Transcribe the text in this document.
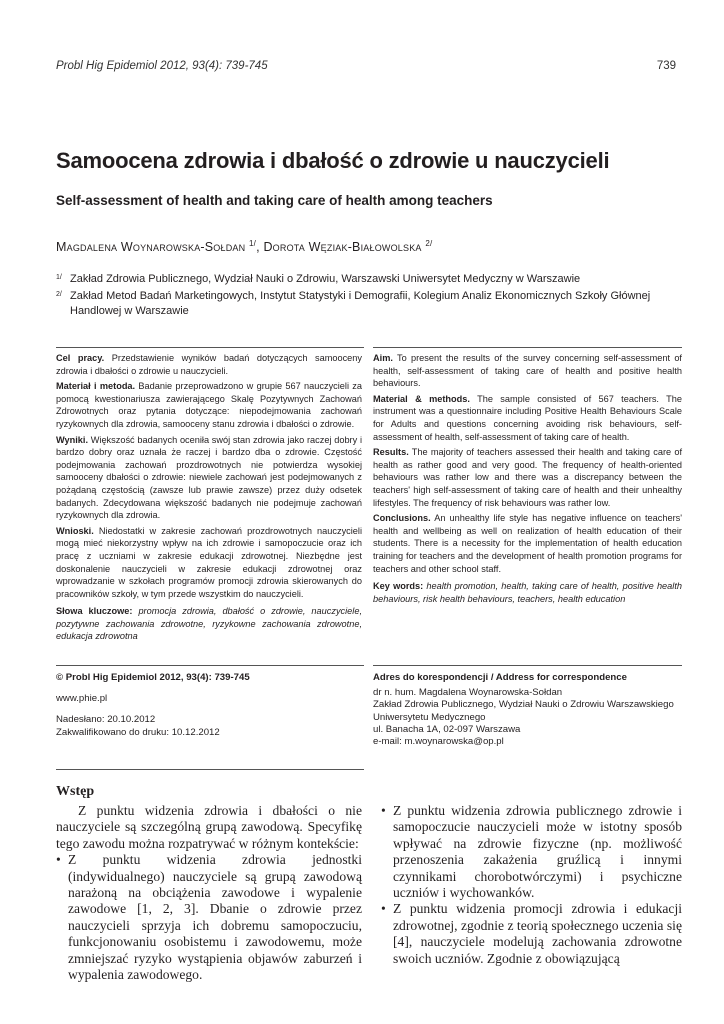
Probl Hig Epidemiol 2012, 93(4): 739-745	739
Samoocena zdrowia i dbałość o zdrowie u nauczycieli
Self-assessment of health and taking care of health among teachers
Magdalena Woynarowska-Sołdan $^{1/}$, Dorota Węziak-Białowolska $^{2/}$
1/ Zakład Zdrowia Publicznego, Wydział Nauki o Zdrowiu, Warszawski Uniwersytet Medyczny w Warszawie
2/ Zakład Metod Badań Marketingowych, Instytut Statystyki i Demografii, Kolegium Analiz Ekonomicznych Szkoły Głównej Handlowej w Warszawie

Cel pracy. Przedstawienie wyników badań dotyczących samooceny zdrowia i dbałości o zdrowie u nauczycieli.

Materiał i metoda. Badanie przeprowadzono w grupie 567 nauczycieli za pomocą kwestionariusza zawierającego Skalę Pozytywnych Zachowań Zdrowotnych oraz pytania dotyczące: niepodejmowania zachowań ryzykownych dla zdrowia, samooceny stanu zdrowia i dbałości o zdrowie.

Wyniki. Większość badanych oceniła swój stan zdrowia jako raczej dobry i bardzo dobry oraz uznała że raczej i bardzo dba o zdrowie. Częstość podejmowania zachowań prozdrowotnych nie potwierdza wysokiej samooceny dbałości o zdrowie: niewiele zachowań jest podejmowanych z pożądaną częstością (zawsze lub prawie zawsze) przez duży odsetek badanych. Zdecydowana większość badanych nie podejmuje zachowań ryzykownych dla zdrowia.

Wnioski. Niedostatki w zakresie zachowań prozdrowotnych nauczycieli mogą mieć niekorzystny wpływ na ich zdrowie i samopoczucie oraz ich pracę z uczniami w zakresie edukacji zdrowotnej. Niezbędne jest doskonalenie nauczycieli w zakresie edukacji zdrowotnej oraz wprowadzanie w szkołach programów promocji zdrowia skierowanych do pracowników szkoły, w tym przede wszystkim do nauczycieli.

Słowa kluczowe: promocja zdrowia, dbałość o zdrowie, nauczyciele, pozytywne zachowania zdrowotne, ryzykowne zachowania zdrowotne, edukacja zdrowotna

Aim. To present the results of the survey concerning self-assessment of health, self-assessment of taking care of health and positive health behaviours.

Material & methods. The sample consisted of 567 teachers. The instrument was a questionnaire including Positive Health Behaviours Scale for Adults and questions concerning avoiding risk behaviours, self-assessment of health, self-assessment of taking care of health.

Results. The majority of teachers assessed their health and taking care of health as rather good and very good. The frequency of health-oriented behaviours was rather low and there was a discrepancy between the teachers' high self-assessment of taking care of health and their unhealthy lifestyles. The frequency of risk behaviours was rather low.

Conclusions. An unhealthy life style has negative influence on teachers' health and wellbeing as well on realization of health education of their students. There is a necessity for the implementation of health education training for teachers and the development of health promotion programs for teachers and other school staff.

Key words: health promotion, health, taking care of health, positive health behaviours, risk health behaviours, teachers, health education

© Probl Hig Epidemiol 2012, 93(4): 739-745
www.phie.pl
Nadesłano: 20.10.2012
Zakwalifikowano do druku: 10.12.2012
Adres do korespondencji / Address for correspondence
dr n. hum. Magdalena Woynarowska-Sołdan
Zakład Zdrowia Publicznego, Wydział Nauki o Zdrowiu Warszawskiego
Uniwersytetu Medycznego
ul. Banacha 1A, 02-097 Warszawa
e-mail: m.woynarowska@op.pl
Wstęp

Z punktu widzenia zdrowia i dbałości o nie nauczyciele są szczególną grupą zawodową. Specyfikę tego zawodu można rozpatrywać w różnym kontekście:

• Z punktu widzenia zdrowia jednostki (indywidualnego) nauczyciele są grupą zawodową narażoną na obciążenia zawodowe i wypalenie zawodowe [1, 2, 3]. Dbanie o zdrowie przez nauczycieli sprzyja ich dobremu samopoczuciu, funkcjonowaniu osobistemu i zawodowemu, może zmniejszać ryzyko wystąpienia objawów zaburzeń i wypalenia zawodowego.

• Z punktu widzenia zdrowia publicznego zdrowie i samopoczucie nauczycieli może w istotny sposób wpływać na zdrowie fizyczne (np. możliwość przenoszenia zakażenia gruźlicą i innymi czynnikami chorobotwórczymi) i psychiczne uczniów i wychowanków.

• Z punktu widzenia promocji zdrowia i edukacji zdrowotnej, zgodnie z teorią społecznego uczenia się [4], nauczyciele modelują zachowania zdrowotne swoich uczniów. Zgodnie z obowiązującą
